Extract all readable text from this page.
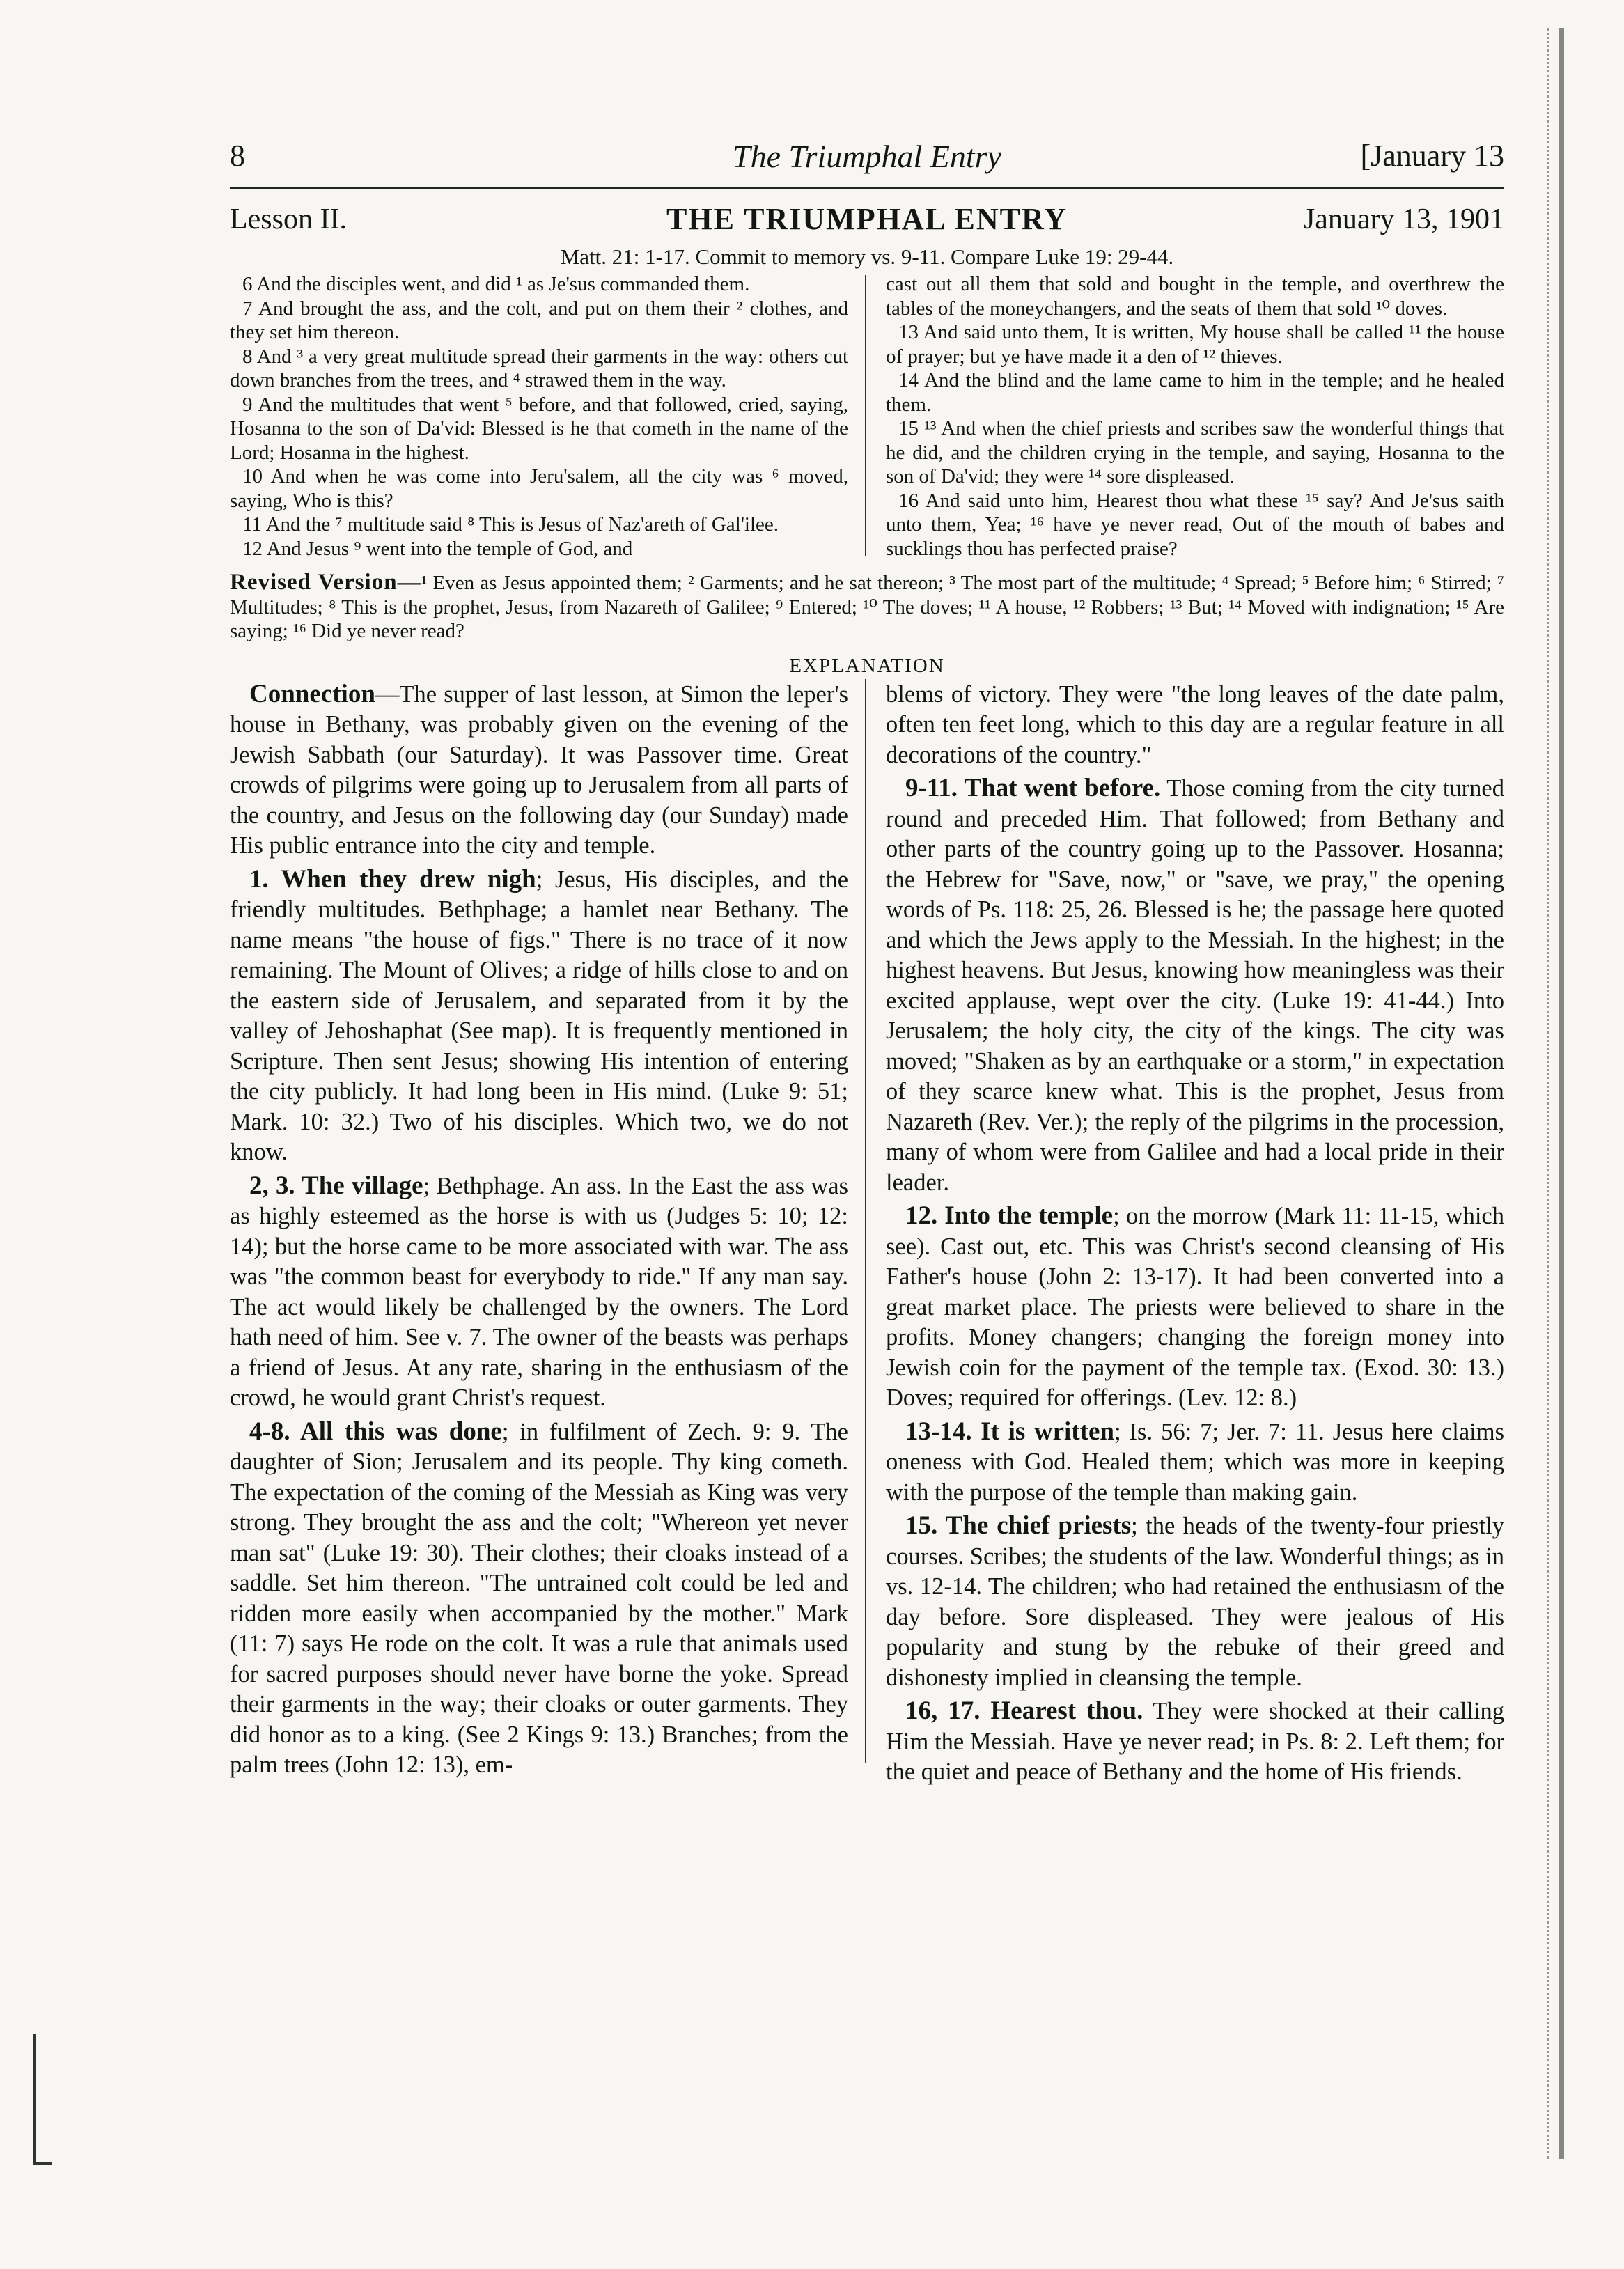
8	The Triumphal Entry	[January 13
Lesson II.	THE TRIUMPHAL ENTRY	January 13, 1901
Matt. 21: 1-17. Commit to memory vs. 9-11. Compare Luke 19: 29-44.

6 And the disciples went, and did ¹ as Je'sus commanded them.

7 And brought the ass, and the colt, and put on them their ² clothes, and they set him thereon.

8 And ³ a very great multitude spread their garments in the way: others cut down branches from the trees, and ⁴ strawed them in the way.

9 And the multitudes that went ⁵ before, and that followed, cried, saying, Hosanna to the son of Da'vid: Blessed is he that cometh in the name of the Lord; Hosanna in the highest.

10 And when he was come into Jeru'salem, all the city was ⁶ moved, saying, Who is this?

11 And the ⁷ multitude said ⁸ This is Jesus of Naz'areth of Gal'ilee.

12 And Jesus ⁹ went into the temple of God, and

cast out all them that sold and bought in the temple, and overthrew the tables of the moneychangers, and the seats of them that sold ¹⁰ doves.

13 And said unto them, It is written, My house shall be called ¹¹ the house of prayer; but ye have made it a den of ¹² thieves.

14 And the blind and the lame came to him in the temple; and he healed them.

15 ¹³ And when the chief priests and scribes saw the wonderful things that he did, and the children crying in the temple, and saying, Hosanna to the son of Da'vid; they were ¹⁴ sore displeased.

16 And said unto him, Hearest thou what these ¹⁵ say? And Je'sus saith unto them, Yea; ¹⁶ have ye never read, Out of the mouth of babes and sucklings thou has perfected praise?

Revised Version—¹ Even as Jesus appointed them; ² Garments; and he sat thereon; ³ The most part of the multitude; ⁴ Spread; ⁵ Before him; ⁶ Stirred; ⁷ Multitudes; ⁸ This is the prophet, Jesus, from Nazareth of Galilee; ⁹ Entered; ¹⁰ The doves; ¹¹ A house, ¹² Robbers; ¹³ But; ¹⁴ Moved with indignation; ¹⁵ Are saying; ¹⁶ Did ye never read?
EXPLANATION

Connection—The supper of last lesson, at Simon the leper's house in Bethany, was probably given on the evening of the Jewish Sabbath (our Saturday). It was Passover time. Great crowds of pilgrims were going up to Jerusalem from all parts of the country, and Jesus on the following day (our Sunday) made His public entrance into the city and temple.

1. When they drew nigh; Jesus, His disciples, and the friendly multitudes. Bethphage; a hamlet near Bethany. The name means "the house of figs." There is no trace of it now remaining. The Mount of Olives; a ridge of hills close to and on the eastern side of Jerusalem, and separated from it by the valley of Jehoshaphat (See map). It is frequently mentioned in Scripture. Then sent Jesus; showing His intention of entering the city publicly. It had long been in His mind. (Luke 9: 51; Mark. 10: 32.) Two of his disciples. Which two, we do not know.

2, 3. The village; Bethphage. An ass. In the East the ass was as highly esteemed as the horse is with us (Judges 5: 10; 12: 14); but the horse came to be more associated with war. The ass was "the common beast for everybody to ride." If any man say. The act would likely be challenged by the owners. The Lord hath need of him. See v. 7. The owner of the beasts was perhaps a friend of Jesus. At any rate, sharing in the enthusiasm of the crowd, he would grant Christ's request.

4-8. All this was done; in fulfilment of Zech. 9: 9. The daughter of Sion; Jerusalem and its people. Thy king cometh. The expectation of the coming of the Messiah as King was very strong. They brought the ass and the colt; "Whereon yet never man sat" (Luke 19: 30). Their clothes; their cloaks instead of a saddle. Set him thereon. "The untrained colt could be led and ridden more easily when accompanied by the mother." Mark (11: 7) says He rode on the colt. It was a rule that animals used for sacred purposes should never have borne the yoke. Spread their garments in the way; their cloaks or outer garments. They did honor as to a king. (See 2 Kings 9: 13.) Branches; from the palm trees (John 12: 13), em-

blems of victory. They were "the long leaves of the date palm, often ten feet long, which to this day are a regular feature in all decorations of the country."

9-11. That went before. Those coming from the city turned round and preceded Him. That followed; from Bethany and other parts of the country going up to the Passover. Hosanna; the Hebrew for "Save, now," or "save, we pray," the opening words of Ps. 118: 25, 26. Blessed is he; the passage here quoted and which the Jews apply to the Messiah. In the highest; in the highest heavens. But Jesus, knowing how meaningless was their excited applause, wept over the city. (Luke 19: 41-44.) Into Jerusalem; the holy city, the city of the kings. The city was moved; "Shaken as by an earthquake or a storm," in expectation of they scarce knew what. This is the prophet, Jesus from Nazareth (Rev. Ver.); the reply of the pilgrims in the procession, many of whom were from Galilee and had a local pride in their leader.

12. Into the temple; on the morrow (Mark 11: 11-15, which see). Cast out, etc. This was Christ's second cleansing of His Father's house (John 2: 13-17). It had been converted into a great market place. The priests were believed to share in the profits. Money changers; changing the foreign money into Jewish coin for the payment of the temple tax. (Exod. 30: 13.) Doves; required for offerings. (Lev. 12: 8.)

13-14. It is written; Is. 56: 7; Jer. 7: 11. Jesus here claims oneness with God. Healed them; which was more in keeping with the purpose of the temple than making gain.

15. The chief priests; the heads of the twenty-four priestly courses. Scribes; the students of the law. Wonderful things; as in vs. 12-14. The children; who had retained the enthusiasm of the day before. Sore displeased. They were jealous of His popularity and stung by the rebuke of their greed and dishonesty implied in cleansing the temple.

16, 17. Hearest thou. They were shocked at their calling Him the Messiah. Have ye never read; in Ps. 8: 2. Left them; for the quiet and peace of Bethany and the home of His friends.
